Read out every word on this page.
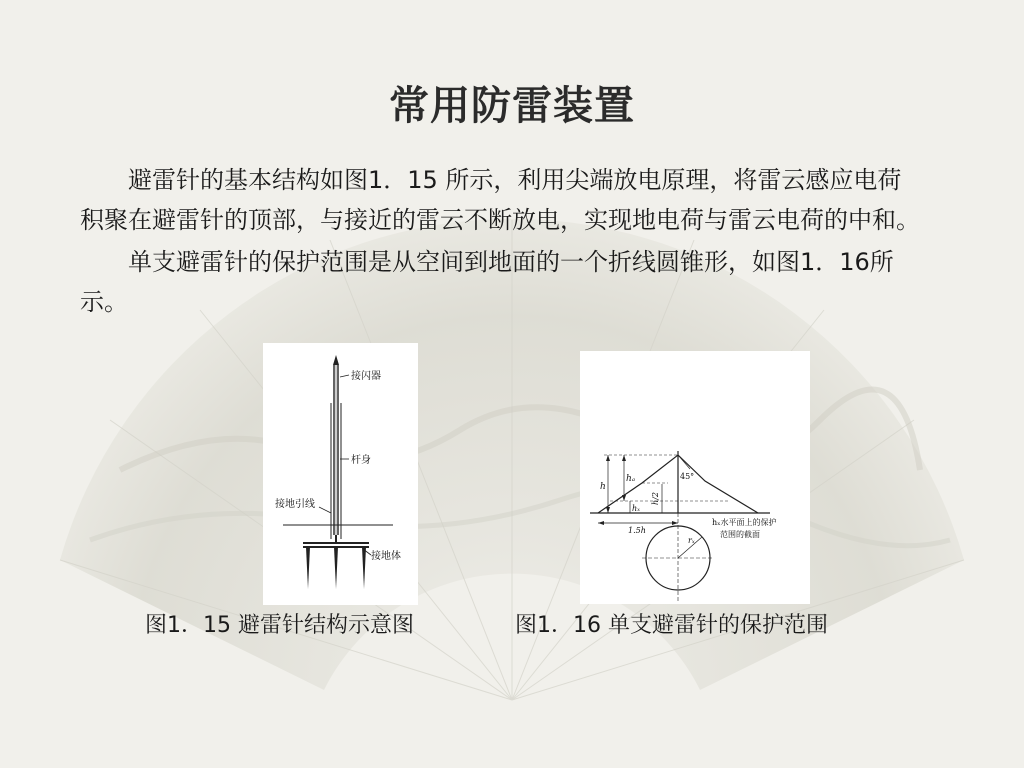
常用防雷装置

避雷针的基本结构如图1．15 所示，利用尖端放电原理，将雷云感应电荷积聚在避雷针的顶部，与接近的雷云不断放电，实现地电荷与雷云电荷的中和。

单支避雷针的保护范围是从空间到地面的一个折线圆锥形，如图1．16所示。

接闪器
杆身
接地引线
接地体
h
hₐ
hₓ
h/2
45°
1.5h
rₓ
hₓ水平面上的保护
范围的截面
图1．15 避雷针结构示意图	图1．16 单支避雷针的保护范围
